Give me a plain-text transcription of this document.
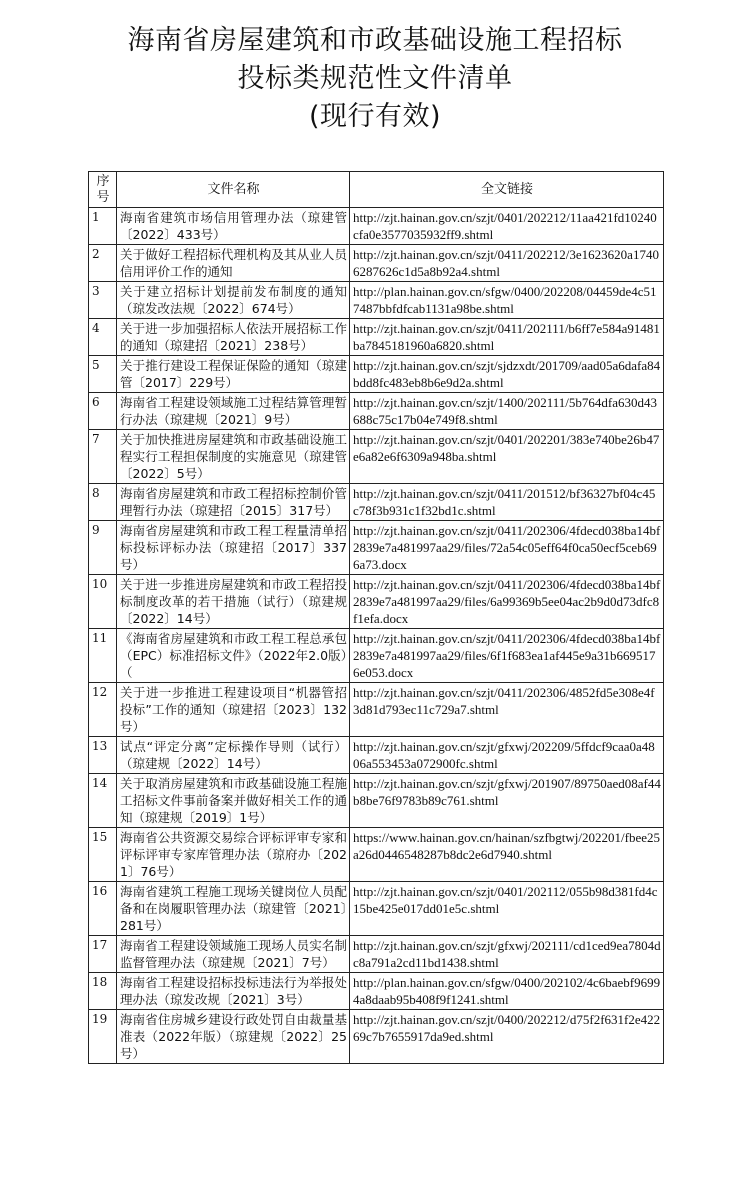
海南省房屋建筑和市政基础设施工程招标
投标类规范性文件清单
(现行有效)
序号	文件名称	全文链接
1	海南省建筑市场信用管理办法（琼建管〔2022〕433号）	http://zjt.hainan.gov.cn/szjt/0401/202212/11aa421fd10240cfa0e3577035932ff9.shtml
2	关于做好工程招标代理机构及其从业人员信用评价工作的通知	http://zjt.hainan.gov.cn/szjt/0411/202212/3e1623620a17406287626c1d5a8b92a4.shtml
3	关于建立招标计划提前发布制度的通知（琼发改法规〔2022〕674号）	http://plan.hainan.gov.cn/sfgw/0400/202208/04459de4c517487bbfdfcab1131a98be.shtml
4	关于进一步加强招标人依法开展招标工作的通知（琼建招〔2021〕238号）	http://zjt.hainan.gov.cn/szjt/0411/202111/b6ff7e584a91481ba7845181960a6820.shtml
5	关于推行建设工程保证保险的通知（琼建管〔2017〕229号）	http://zjt.hainan.gov.cn/szjt/sjdzxdt/201709/aad05a6dafa84bdd8fc483eb8b6e9d2a.shtml
6	海南省工程建设领域施工过程结算管理暂行办法（琼建规〔2021〕9号）	http://zjt.hainan.gov.cn/szjt/1400/202111/5b764dfa630d43688c75c17b04e749f8.shtml
7	关于加快推进房屋建筑和市政基础设施工程实行工程担保制度的实施意见（琼建管〔2022〕5号）	http://zjt.hainan.gov.cn/szjt/0401/202201/383e740be26b47e6a82e6f6309a948ba.shtml
8	海南省房屋建筑和市政工程招标控制价管理暂行办法（琼建招〔2015〕317号）	http://zjt.hainan.gov.cn/szjt/0411/201512/bf36327bf04c45c78f3b931c1f32bd1c.shtml
9	海南省房屋建筑和市政工程工程量清单招标投标评标办法（琼建招〔2017〕337号）	http://zjt.hainan.gov.cn/szjt/0411/202306/4fdecd038ba14bf2839e7a481997aa29/files/72a54c05eff64f0ca50ecf5ceb696a73.docx
10	关于进一步推进房屋建筑和市政工程招投标制度改革的若干措施（试行）（琼建规〔2022〕14号）	http://zjt.hainan.gov.cn/szjt/0411/202306/4fdecd038ba14bf2839e7a481997aa29/files/6a99369b5ee04ac2b9d0d73dfc8f1efa.docx
11	《海南省房屋建筑和市政工程工程总承包（EPC）标准招标文件》（2022年2.0版）（	http://zjt.hainan.gov.cn/szjt/0411/202306/4fdecd038ba14bf2839e7a481997aa29/files/6f1f683ea1af445e9a31b6695176e053.docx
12	关于进一步推进工程建设项目“机器管招投标”工作的通知（琼建招〔2023〕132号）	http://zjt.hainan.gov.cn/szjt/0411/202306/4852fd5e308e4f3d81d793ec11c729a7.shtml
13	试点“评定分离”定标操作导则（试行）（琼建规〔2022〕14号）	http://zjt.hainan.gov.cn/szjt/gfxwj/202209/5ffdcf9caa0a4806a553453a072900fc.shtml
14	关于取消房屋建筑和市政基础设施工程施工招标文件事前备案并做好相关工作的通知（琼建规〔2019〕1号）	http://zjt.hainan.gov.cn/szjt/gfxwj/201907/89750aed08af44b8be76f9783b89c761.shtml
15	海南省公共资源交易综合评标评审专家和评标评审专家库管理办法（琼府办〔2021〕76号）	https://www.hainan.gov.cn/hainan/szfbgtwj/202201/fbee25a26d0446548287b8dc2e6d7940.shtml
16	海南省建筑工程施工现场关键岗位人员配备和在岗履职管理办法（琼建管〔2021〕281号）	http://zjt.hainan.gov.cn/szjt/0401/202112/055b98d381fd4c15be425e017dd01e5c.shtml
17	海南省工程建设领域施工现场人员实名制监督管理办法（琼建规〔2021〕7号）	http://zjt.hainan.gov.cn/szjt/gfxwj/202111/cd1ced9ea7804dc8a791a2cd11bd1438.shtml
18	海南省工程建设招标投标违法行为举报处理办法（琼发改规〔2021〕3号）	http://plan.hainan.gov.cn/sfgw/0400/202102/4c6baebf96994a8daab95b408f9f1241.shtml
19	海南省住房城乡建设行政处罚自由裁量基准表（2022年版）（琼建规〔2022〕25号）	http://zjt.hainan.gov.cn/szjt/0400/202212/d75f2f631f2e42269c7b7655917da9ed.shtml
